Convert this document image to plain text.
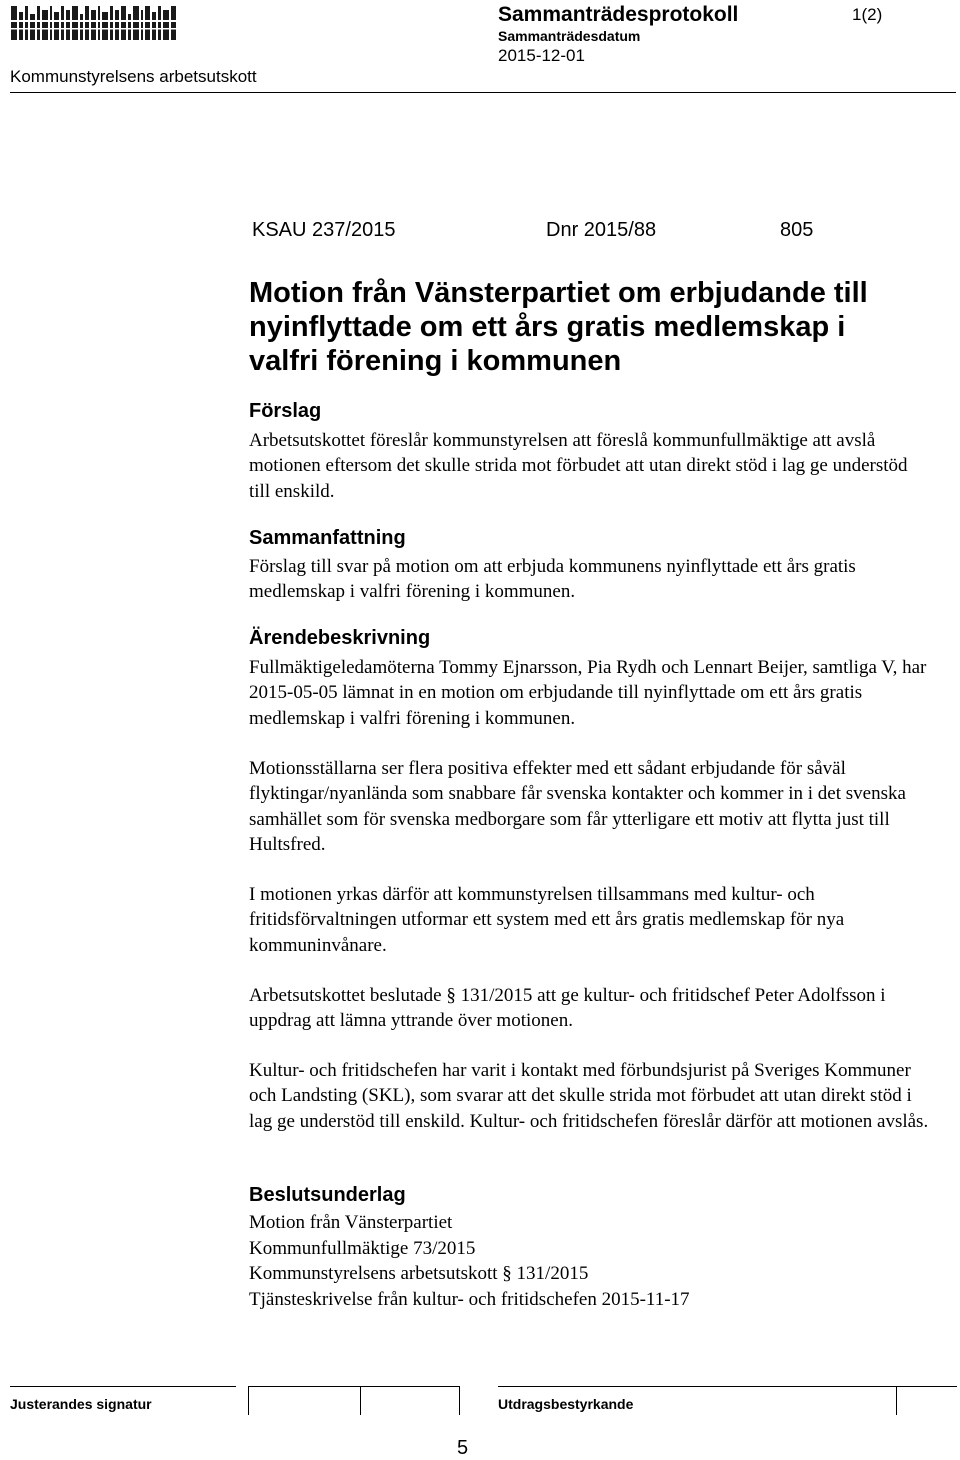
Sammanträdesprotokoll	1(2)
Sammanträdesdatum
2015-12-01
Kommunstyrelsens arbetsutskott
KSAU 237/2015	Dnr 2015/88	805
Motion från Vänsterpartiet om erbjudande till nyinflyttade om ett års gratis medlemskap i valfri förening i kommunen
Förslag
Arbetsutskottet föreslår kommunstyrelsen att föreslå kommunfullmäktige att avslå motionen eftersom det skulle strida mot förbudet att utan direkt stöd i lag ge understöd till enskild.
Sammanfattning
Förslag till svar på motion om att erbjuda kommunens nyinflyttade ett års gratis medlemskap i valfri förening i kommunen.
Ärendebeskrivning
Fullmäktigeledamöterna Tommy Ejnarsson, Pia Rydh och Lennart Beijer, samtliga V, har 2015-05-05 lämnat in en motion om erbjudande till nyinflyttade om ett års gratis medlemskap i valfri förening i kommunen.
Motionsställarna ser flera positiva effekter med ett sådant erbjudande för såväl flyktingar/nyanlända som snabbare får svenska kontakter och kommer in i det svenska samhället som för svenska medborgare som får ytterligare ett motiv att flytta just till Hultsfred.
I motionen yrkas därför att kommunstyrelsen tillsammans med kultur- och fritidsförvaltningen utformar ett system med ett års gratis medlemskap för nya kommuninvånare.
Arbetsutskottet beslutade § 131/2015 att ge kultur- och fritidschef Peter Adolfsson i uppdrag att lämna yttrande över motionen.
Kultur- och fritidschefen har varit i kontakt med förbundsjurist på Sveriges Kommuner och Landsting (SKL), som svarar att det skulle strida mot förbudet att utan direkt stöd i lag ge understöd till enskild. Kultur- och fritidschefen föreslår därför att motionen avslås.
Beslutsunderlag
Motion från Vänsterpartiet
Kommunfullmäktige 73/2015
Kommunstyrelsens arbetsutskott § 131/2015
Tjänsteskrivelse från kultur- och fritidschefen 2015-11-17
Justerandes signatur	Utdragsbestyrkande
5
